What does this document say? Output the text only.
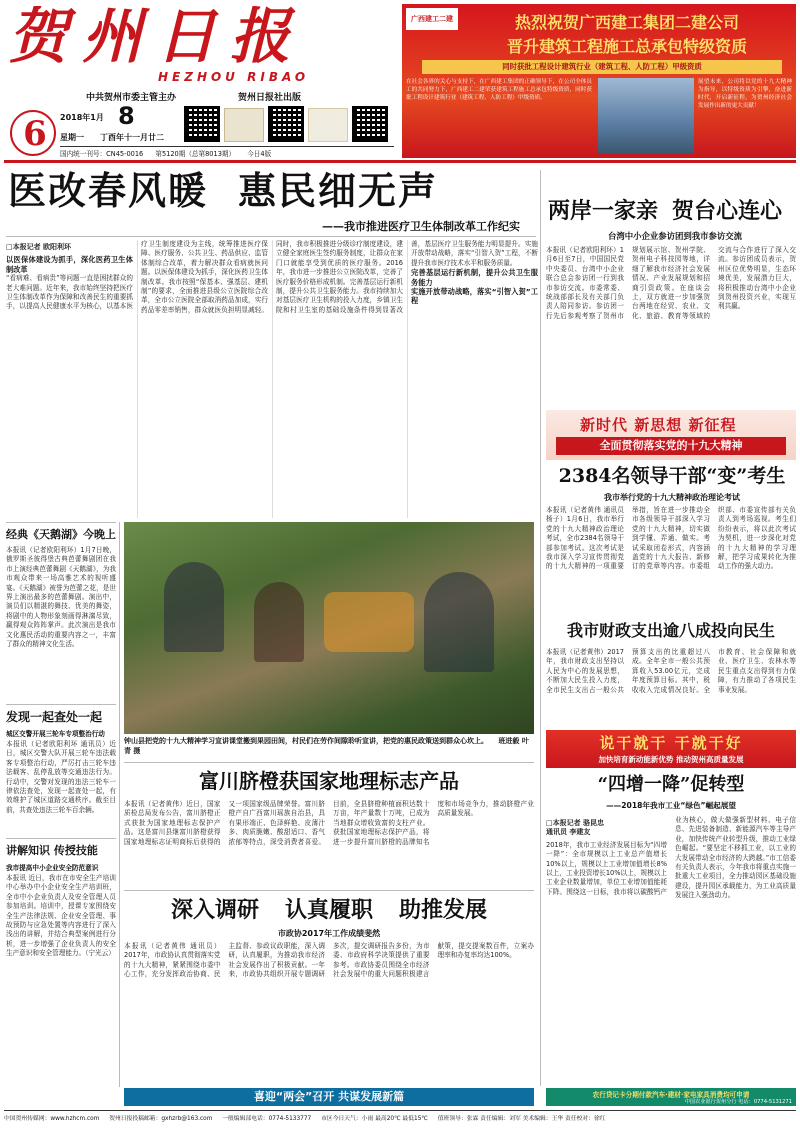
贺州日报
HEZHOU RIBAO
中共贺州市委主管主办	贺州日报社出版
6	2018年1月 8
星期一	丁酉年十一月廿二
国内统一刊号：CN45-0016 第5120期（总第8013期） 今日4版
广西建工二建	热烈祝贺广西建工集团二建公司
晋升建筑工程施工总承包特级资质
同时获批工程设计建筑行业（建筑工程、人防工程）甲级资质
在社会各界的关心与支持下，在广西建工集团的正确领导下，在公司全体员工的共同努力下，广西建工二建荣获建筑工程施工总承包特级资质，同时获批工程设计建筑行业（建筑工程、人防工程）甲级资质。
展望未来，公司将以党的十九大精神为指导，以特级资质为引擎，奋进新时代，开启新征程，为贺州经济社会发展作出新的更大贡献！
医改春风暖 惠民细无声
——我市推进医疗卫生体制改革工作纪实
□本报记者 欧阳利环
以医保体建设为抓手，深化医药卫生体制改革
“看病难、看病贵”等问题一直是困扰群众的老大难问题。近年来，我市始终坚持把医疗卫生体制改革作为保障和改善民生的重要抓手，以提高人民健康水平为核心，以基本医疗卫生制度建设为主线，统筹推进医疗保障、医疗服务、公共卫生、药品供应、监管体制综合改革，着力解决群众看病就医问题。以医保体建设为抓手，深化医药卫生体制改革。我市按照“保基本、强基层、建机制”的要求，全面推进县级公立医院综合改革，全市公立医院全部取消药品加成，实行药品零差率销售，群众就医负担明显减轻。同时，我市积极推进分级诊疗制度建设，建立健全家庭医生签约服务制度，让群众在家门口就能享受到优质的医疗服务。2016年，我市进一步推进公立医院改革，完善了医疗服务价格形成机制。完善基层运行新机制，提升公共卫生服务能力。我市持续加大对基层医疗卫生机构的投入力度，乡镇卫生院和村卫生室的基础设施条件得到显著改善，基层医疗卫生服务能力明显提升。实施开放带动战略，落实“引智入贺”工程，不断提升我市医疗技术水平和服务质量。
完善基层运行新机制，提升公共卫生服务能力
实施开放带动战略，落实“引智入贺”工程
两岸一家亲 贺台心连心
台湾中小企业参访团到我市参访交流
本报讯（记者欧阳利环）1月6日至7日，中国国民党中央委员、台湾中小企业联合总会参访团一行到我市参访交流。市委常委、统战部部长及有关部门负责人陪同参访。参访团一行先后参观考察了贺州市规划展示馆、贺州学院、贺州电子科技园等地，详细了解我市经济社会发展情况、产业发展规划和招商引资政策。在座谈会上，双方就进一步加强贺台两地在经贸、农业、文化、旅游、教育等领域的交流与合作进行了深入交流。参访团成员表示，贺州区位优势明显，生态环境优美，发展潜力巨大，将积极推动台湾中小企业到贺州投资兴业，实现互利共赢。
新时代 新思想 新征程
全面贯彻落实党的十九大精神
2384名领导干部“变”考生
我市举行党的十九大精神政治理论考试
本报讯（记者黄伟 通讯员杨子）1月6日，我市举行党的十九大精神政治理论考试，全市2384名领导干部参加考试。这次考试是我市深入学习宣传贯彻党的十九大精神的一项重要举措，旨在进一步推动全市各级领导干部深入学习党的十九大精神，切实做到学懂、弄通、做实。考试采取闭卷形式，内容涵盖党的十九大报告、新修订的党章等内容。市委组织部、市委宣传部有关负责人到考场巡视。考生们纷纷表示，将以此次考试为契机，进一步深化对党的十九大精神的学习理解，把学习成果转化为推动工作的强大动力。
我市财政支出逾八成投向民生
本报讯（记者黄伟）2017年，我市财政支出坚持以人民为中心的发展思想，不断加大民生投入力度，全市民生支出占一般公共预算支出的比重超过八成。全年全市一般公共预算收入53.00亿元，完成年度预算目标。其中，税收收入完成情况良好。全市教育、社会保障和就业、医疗卫生、农林水等民生重点支出得到有力保障，有力推动了各项民生事业发展。
说干就干 干就干好
加快培育新动能新优势 推动贺州高质量发展
“四增一降”促转型
——2018年我市工业“绿色”崛起展望
□本报记者 骆昆忠
通讯员 李建友
2018年，我市工业经济发展目标为“四增一降”：全市规模以上工业总产值增长10%以上，规模以上工业增加值增长8%以上，工业投资增长10%以上，规模以上工业企业数量增加，单位工业增加值能耗下降。围绕这一目标，我市将以碳酸钙产业为核心，做大做强新型材料、电子信息、先进装备制造、新能源汽车等主导产业，加快传统产业转型升级，推动工业绿色崛起。“要坚定不移抓工业，以工业的大发展带动全市经济的大跨越。”市工信委有关负责人表示，今年我市将重点实施一批重大工业项目，全力推动园区基础设施建设，提升园区承载能力，为工业高质量发展注入强劲动力。
经典《天鹅湖》今晚上
本报讯（记者欧阳利环）1月7日晚，俄罗斯圣彼得堡古典芭蕾舞剧团在我市上演经典芭蕾舞剧《天鹅湖》，为我市观众带来一场高雅艺术的视听盛宴。《天鹅湖》被誉为芭蕾之花，是世界上演出最多的芭蕾舞剧。演出中，演员们以精湛的舞技、优美的舞姿，将剧中的人物形象刻画得淋漓尽致，赢得观众阵阵掌声。此次演出是我市文化惠民活动的重要内容之一，丰富了群众的精神文化生活。
发现一起查处一起
城区交警开展三轮车专项整治行动
本报讯（记者欧阳利环 通讯员）近日，城区交警大队开展三轮车违法载客专项整治行动，严厉打击三轮车违法载客、乱停乱放等交通违法行为。行动中，交警对发现的违法三轮车一律依法查处，发现一起查处一起，有效维护了城区道路交通秩序。截至目前，共查处违法三轮车百余辆。
讲解知识 传授技能
我市提高中小企业安全防范意识
本报讯 近日，我市在市安全生产培训中心举办中小企业安全生产培训班，全市中小企业负责人及安全管理人员参加培训。培训中，授课专家围绕安全生产法律法规、企业安全管理、事故预防与应急处置等内容进行了深入浅出的讲解，并结合典型案例进行分析，进一步增强了企业负责人的安全生产意识和安全管理能力。（宁光云）
钟山县把党的十九大精神学习宣讲课堂搬到果园田间，村民们在劳作间隙聆听宣讲，把党的惠民政策送到群众心坎上。 班进毅 叶青 摄
富川脐橙获国家地理标志产品
本报讯（记者黄伟）近日，国家质检总局发布公告，富川脐橙正式获批为国家地理标志保护产品。这是富川县继富川脐橙获得国家地理标志证明商标后获得的又一项国家级品牌荣誉。富川脐橙产自广西富川瑶族自治县，具有果形端正、色泽鲜艳、皮薄汁多、肉质脆嫩、酸甜适口、香气浓郁等特点，深受消费者喜爱。目前，全县脐橙种植面积达数十万亩，年产量数十万吨，已成为当地群众增收致富的支柱产业。获批国家地理标志保护产品，将进一步提升富川脐橙的品牌知名度和市场竞争力，推动脐橙产业高质量发展。
深入调研 认真履职 助推发展
市政协2017年工作成绩斐然
本报讯（记者黄伟 通讯员）2017年，市政协认真贯彻落实党的十九大精神，紧紧围绕市委中心工作，充分发挥政治协商、民主监督、参政议政职能，深入调研，认真履职，为推动我市经济社会发展作出了积极贡献。一年来，市政协共组织开展专题调研多次，提交调研报告多份，为市委、市政府科学决策提供了重要参考。市政协委员围绕全市经济社会发展中的重大问题积极建言献策，提交提案数百件，立案办理率和办复率均达100%。
喜迎“两会”召开 共谋发展新篇	农行贷记卡分期付款汽车·建材·家电家具消费均可申请
中国农业银行贺州分行 电话：0774-5131271
中国贺州传媒网：www.hzhcm.com 贺州日报投稿邮箱：gxhzrb@163.com 一般编辑部电话：0774-5133777 市区今日天气：小雨 最高20℃ 最低15℃ 值班领导：张霖 责任编辑：刘军 美术编辑：王华 责任校对：徐红
